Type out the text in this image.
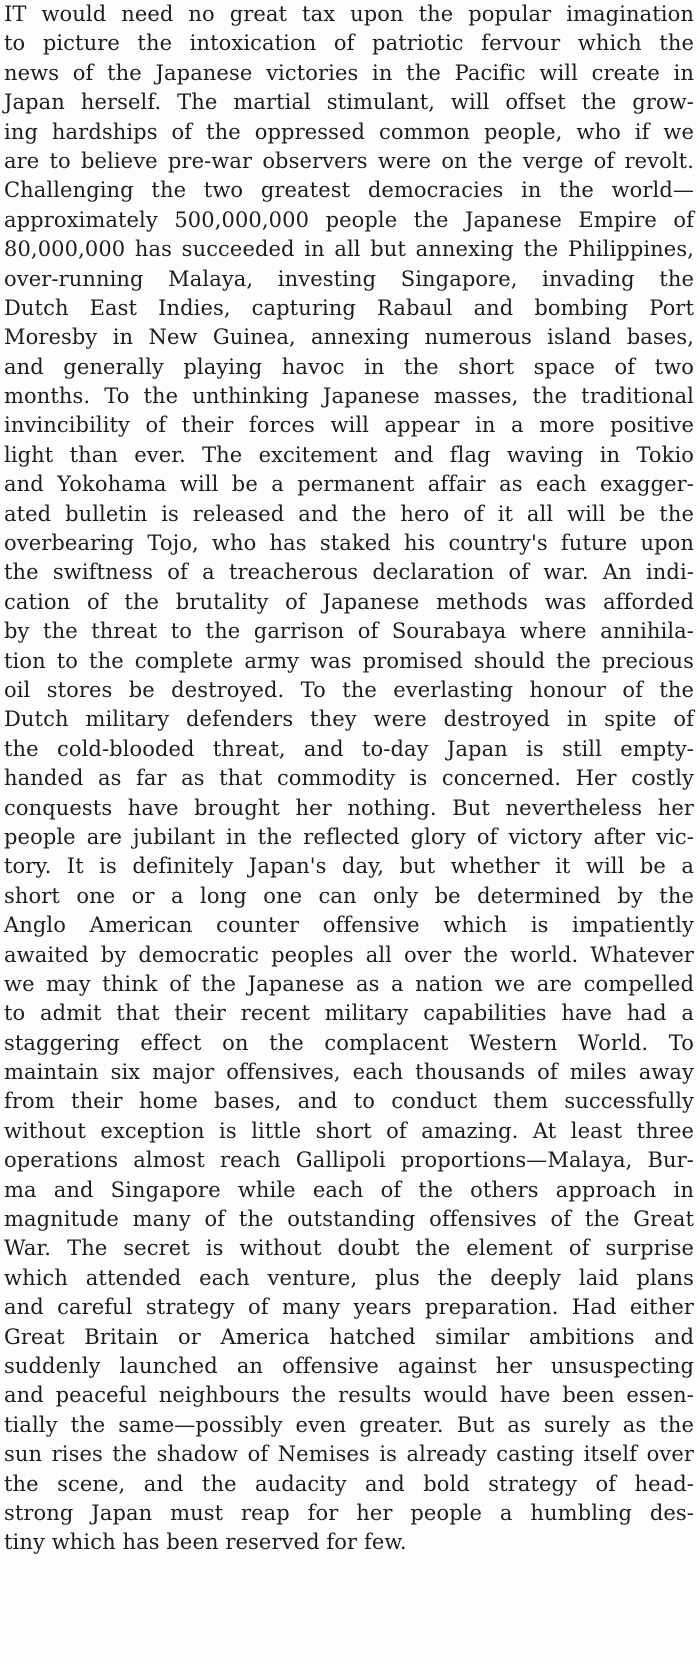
IT would need no great tax upon the popular imagination
to picture the intoxication of patriotic fervour which the
news of the Japanese victories in the Pacific will create in
Japan herself. The martial stimulant, will offset the grow-
ing hardships of the oppressed common people, who if we
are to believe pre-war observers were on the verge of revolt.
Challenging the two greatest democracies in the world—
approximately 500,000,000 people the Japanese Empire of
80,000,000 has succeeded in all but annexing the Philippines,
over-running Malaya, investing Singapore, invading the
Dutch East Indies, capturing Rabaul and bombing Port
Moresby in New Guinea, annexing numerous island bases,
and generally playing havoc in the short space of two
months. To the unthinking Japanese masses, the traditional
invincibility of their forces will appear in a more positive
light than ever. The excitement and flag waving in Tokio
and Yokohama will be a permanent affair as each exagger-
ated bulletin is released and the hero of it all will be the
overbearing Tojo, who has staked his country's future upon
the swiftness of a treacherous declaration of war. An indi-
cation of the brutality of Japanese methods was afforded
by the threat to the garrison of Sourabaya where annihila-
tion to the complete army was promised should the precious
oil stores be destroyed. To the everlasting honour of the
Dutch military defenders they were destroyed in spite of
the cold-blooded threat, and to-day Japan is still empty-
handed as far as that commodity is concerned. Her costly
conquests have brought her nothing. But nevertheless her
people are jubilant in the reflected glory of victory after vic-
tory. It is definitely Japan's day, but whether it will be a
short one or a long one can only be determined by the
Anglo American counter offensive which is impatiently
awaited by democratic peoples all over the world. Whatever
we may think of the Japanese as a nation we are compelled
to admit that their recent military capabilities have had a
staggering effect on the complacent Western World. To
maintain six major offensives, each thousands of miles away
from their home bases, and to conduct them successfully
without exception is little short of amazing. At least three
operations almost reach Gallipoli proportions—Malaya, Bur-
ma and Singapore while each of the others approach in
magnitude many of the outstanding offensives of the Great
War. The secret is without doubt the element of surprise
which attended each venture, plus the deeply laid plans
and careful strategy of many years preparation. Had either
Great Britain or America hatched similar ambitions and
suddenly launched an offensive against her unsuspecting
and peaceful neighbours the results would have been essen-
tially the same—possibly even greater. But as surely as the
sun rises the shadow of Nemises is already casting itself over
the scene, and the audacity and bold strategy of head-
strong Japan must reap for her people a humbling des-
tiny which has been reserved for few.
